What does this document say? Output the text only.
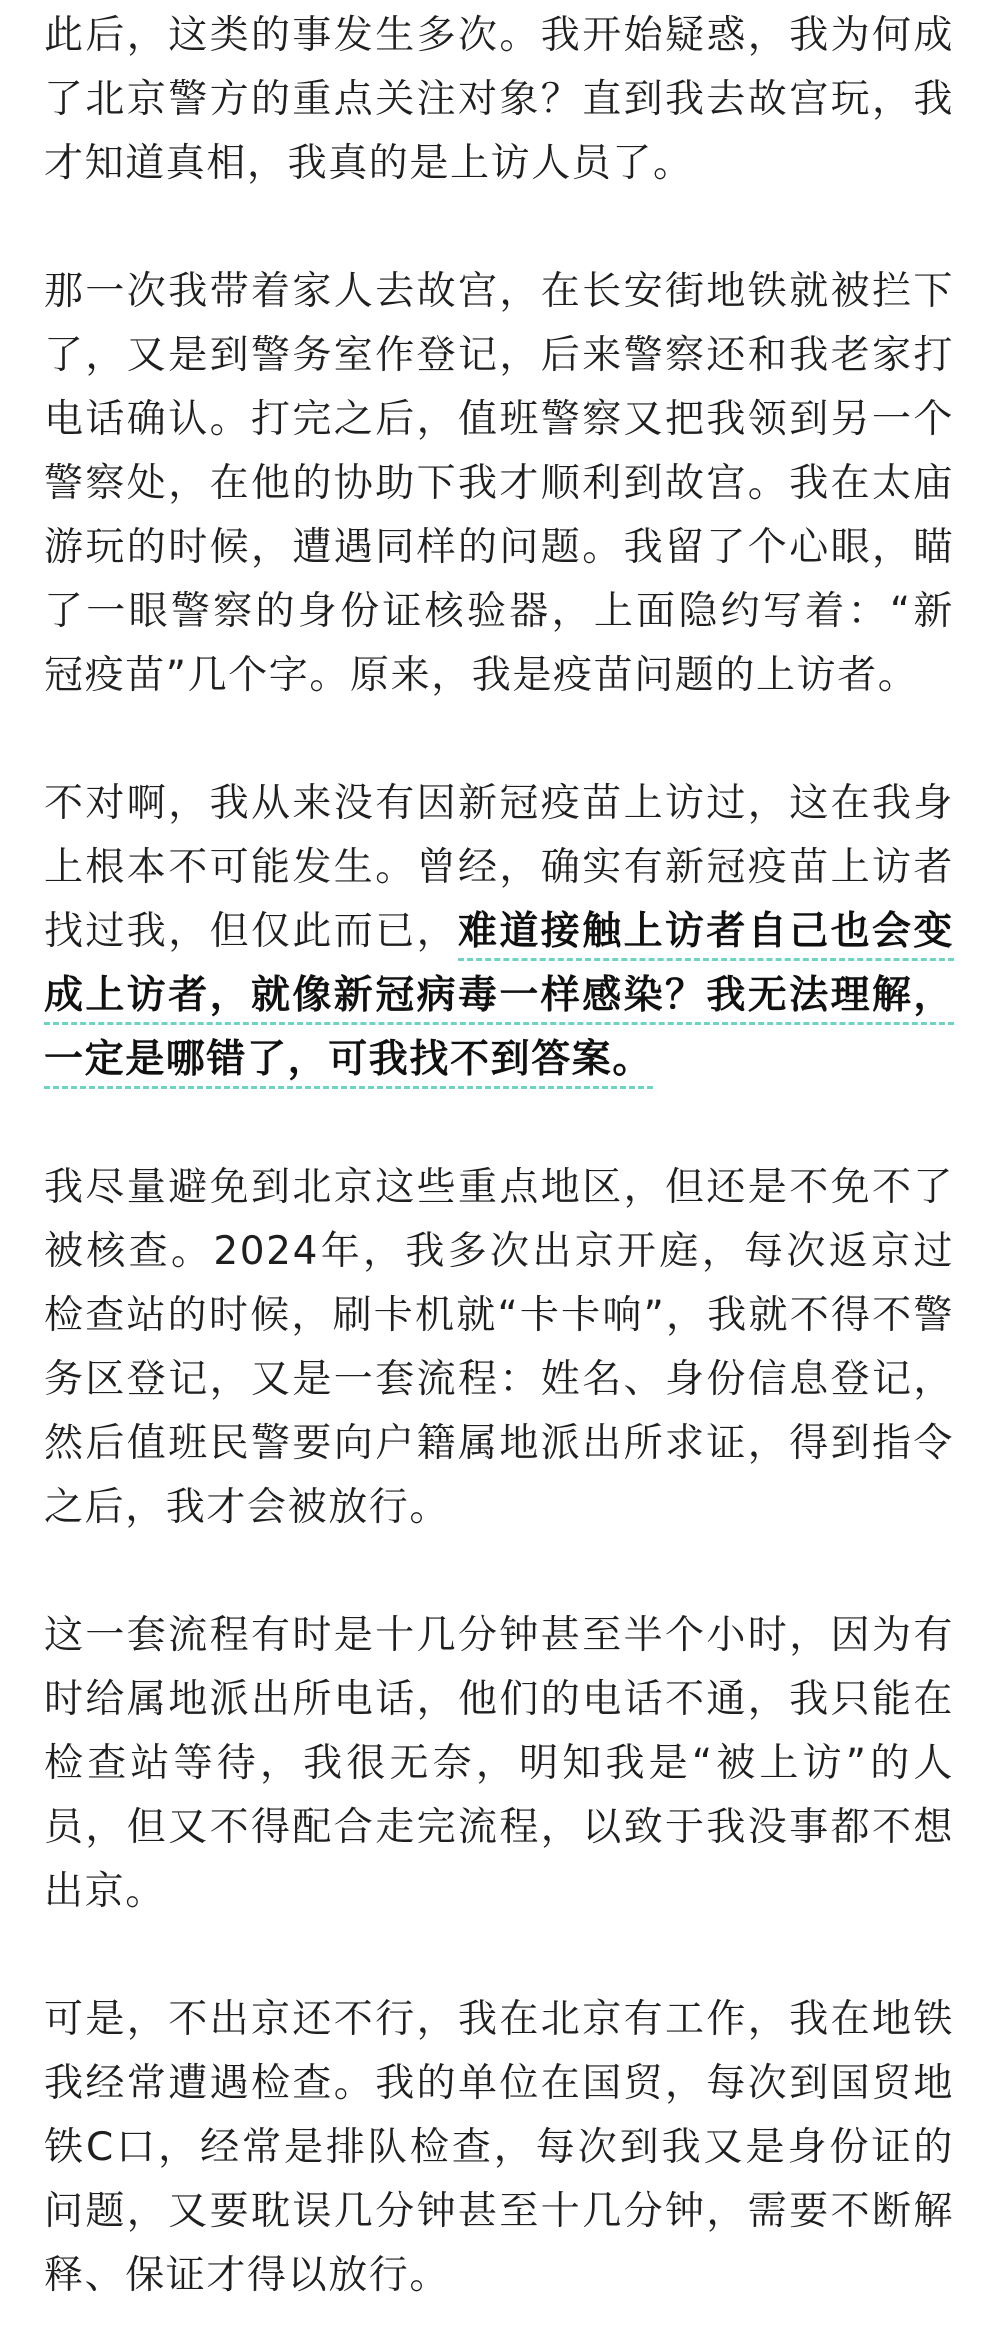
此后，这类的事发生多次。我开始疑惑，我为何成了北京警方的重点关注对象？直到我去故宫玩，我才知道真相，我真的是上访人员了。

那一次我带着家人去故宫，在长安街地铁就被拦下了，又是到警务室作登记，后来警察还和我老家打电话确认。打完之后，值班警察又把我领到另一个警察处，在他的协助下我才顺利到故宫。我在太庙游玩的时候，遭遇同样的问题。我留了个心眼，瞄了一眼警察的身份证核验器，上面隐约写着：“新冠疫苗”几个字。原来，我是疫苗问题的上访者。

不对啊，我从来没有因新冠疫苗上访过，这在我身上根本不可能发生。曾经，确实有新冠疫苗上访者找过我，但仅此而已，难道接触上访者自己也会变成上访者，就像新冠病毒一样感染？我无法理解，一定是哪错了，可我找不到答案。

我尽量避免到北京这些重点地区，但还是不免不了被核查。2024年，我多次出京开庭，每次返京过检查站的时候，刷卡机就“卡卡响”，我就不得不警务区登记，又是一套流程：姓名、身份信息登记，然后值班民警要向户籍属地派出所求证，得到指令之后，我才会被放行。

这一套流程有时是十几分钟甚至半个小时，因为有时给属地派出所电话，他们的电话不通，我只能在检查站等待，我很无奈，明知我是“被上访”的人员，但又不得配合走完流程，以致于我没事都不想出京。

可是，不出京还不行，我在北京有工作，我在地铁我经常遭遇检查。我的单位在国贸，每次到国贸地铁C口，经常是排队检查，每次到我又是身份证的问题，又要耽误几分钟甚至十几分钟，需要不断解释、保证才得以放行。
